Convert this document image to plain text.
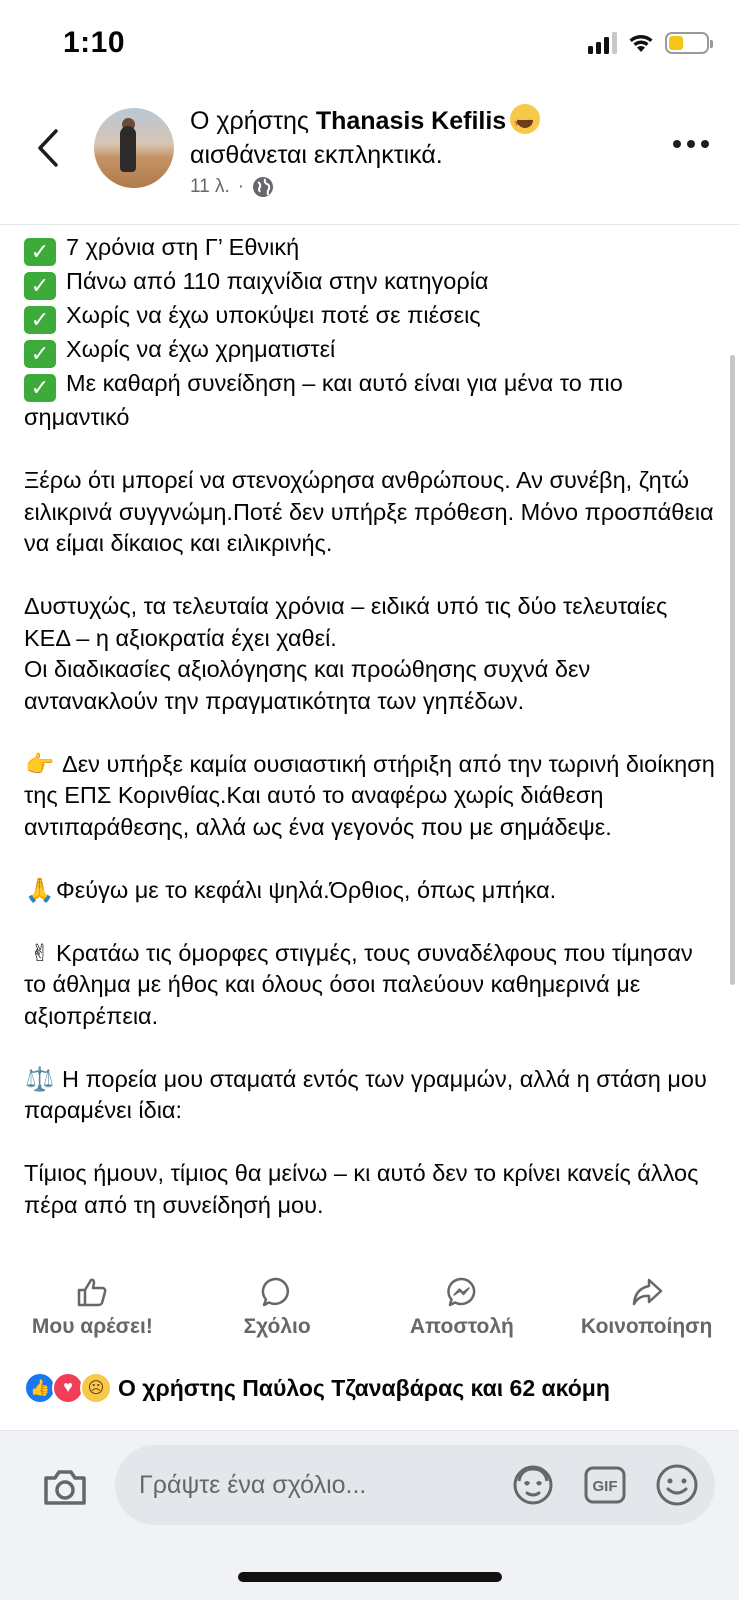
1:10
Ο χρήστης Thanasis Kefilis★ ★
αισθάνεται εκπληκτικά.
11 λ. ·

✓ 7 χρόνια στη Γ’ Εθνική
✓ Πάνω από 110 παιχνίδια στην κατηγορία
✓ Χωρίς να έχω υποκύψει ποτέ σε πιέσεις
✓ Χωρίς να έχω χρηματιστεί
✓ Με καθαρή συνείδηση – και αυτό είναι για μένα το πιο σημαντικό

Ξέρω ότι μπορεί να στενοχώρησα ανθρώπους. Αν συνέβη, ζητώ ειλικρινά συγγνώμη.Ποτέ δεν υπήρξε πρόθεση. Μόνο προσπάθεια να είμαι δίκαιος και ειλικρινής.

Δυστυχώς, τα τελευταία χρόνια – ειδικά υπό τις δύο τελευταίες ΚΕΔ – η αξιοκρατία έχει χαθεί.
Οι διαδικασίες αξιολόγησης και προώθησης συχνά δεν αντανακλούν την πραγματικότητα των γηπέδων.

👉 Δεν υπήρξε καμία ουσιαστική στήριξη από την τωρινή διοίκηση της ΕΠΣ Κορινθίας.Και αυτό το αναφέρω χωρίς διάθεση αντιπαράθεσης, αλλά ως ένα γεγονός που με σημάδεψε.

🙏Φεύγω με το κεφάλι ψηλά.Όρθιος, όπως μπήκα.

✌ Κρατάω τις όμορφες στιγμές, τους συναδέλφους που τίμησαν το άθλημα με ήθος και όλους όσοι παλεύουν καθημερινά με αξιοπρέπεια.

⚖️ Η πορεία μου σταματά εντός των γραμμών, αλλά η στάση μου παραμένει ίδια:

Τίμιος ήμουν, τίμιος θα μείνω – κι αυτό δεν το κρίνει κανείς άλλος πέρα από τη συνείδησή μου.

Μου αρέσει!	Σχόλιο	Αποστολή	Κοινοποίηση
👍 ♥ ☹ Ο χρήστης Παύλος Τζαναβάρας και 62 ακόμη
Γράψτε ένα σχόλιο...
GIF
